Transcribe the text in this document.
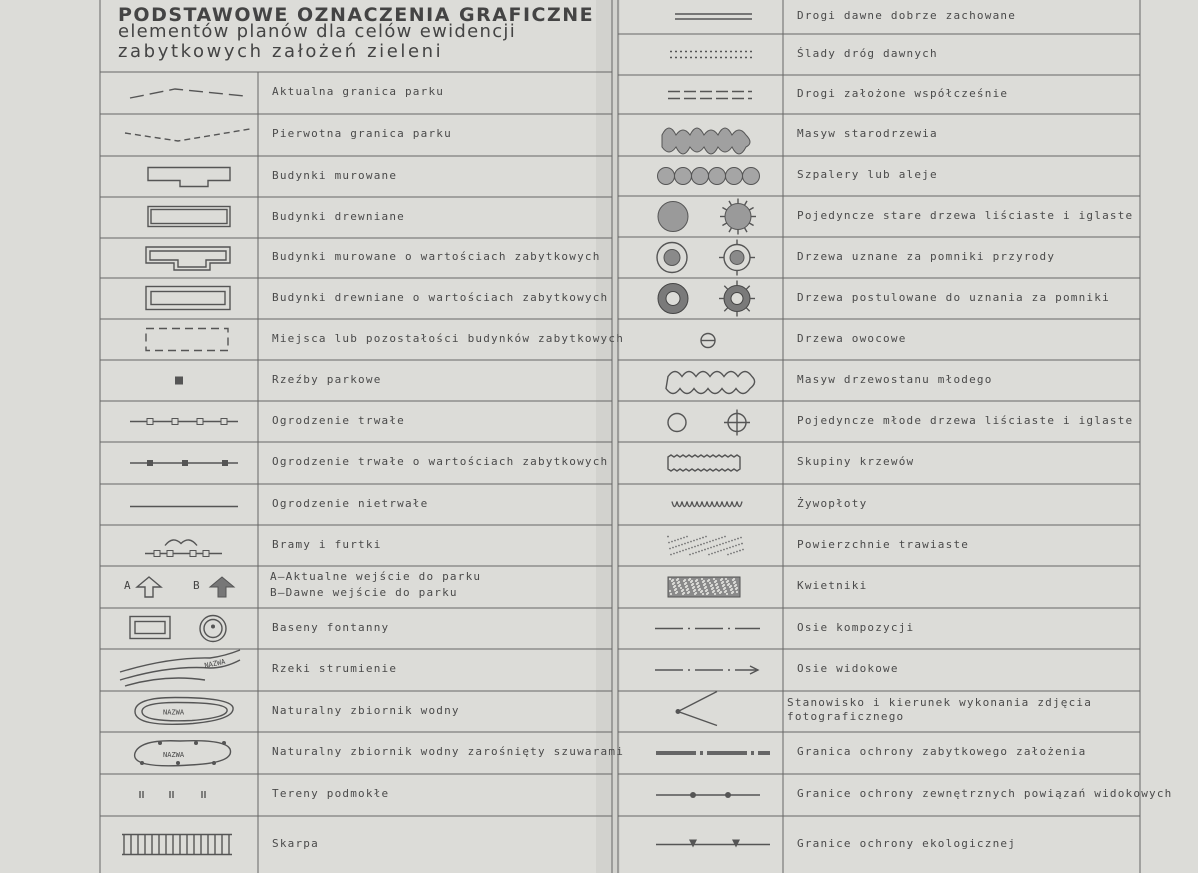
A	B
NAZWA
NAZWA
NAZWA
PODSTAWOWE OZNACZENIA GRAFICZNE
elementów planów dla celów ewidencji
zabytkowych założeń zieleni
Aktualna granica parku
Pierwotna granica parku
Budynki murowane
Budynki drewniane
Budynki murowane o wartościach zabytkowych
Budynki drewniane o wartościach zabytkowych
Miejsca lub pozostałości budynków zabytkowych
Rzeźby parkowe
Ogrodzenie trwałe
Ogrodzenie trwałe o wartościach zabytkowych
Ogrodzenie nietrwałe
Bramy i furtki
A—Aktualne wejście do parku
B—Dawne wejście do parku
Baseny fontanny
Rzeki strumienie
Naturalny zbiornik wodny
Naturalny zbiornik wodny zarośnięty szuwarami
Tereny podmokłe
Skarpa
Drogi dawne dobrze zachowane
Ślady dróg dawnych
Drogi założone współcześnie
Masyw starodrzewia
Szpalery lub aleje
Pojedyncze stare drzewa liściaste i iglaste
Drzewa uznane za pomniki przyrody
Drzewa postulowane do uznania za pomniki
Drzewa owocowe
Masyw drzewostanu młodego
Pojedyncze młode drzewa liściaste i iglaste
Skupiny krzewów
Żywopłoty
Powierzchnie trawiaste
Kwietniki
Osie kompozycji
Osie widokowe
Stanowisko i kierunek wykonania zdjęcia
fotograficznego
Granica ochrony zabytkowego założenia
Granice ochrony zewnętrznych powiązań widokowych
Granice ochrony ekologicznej
